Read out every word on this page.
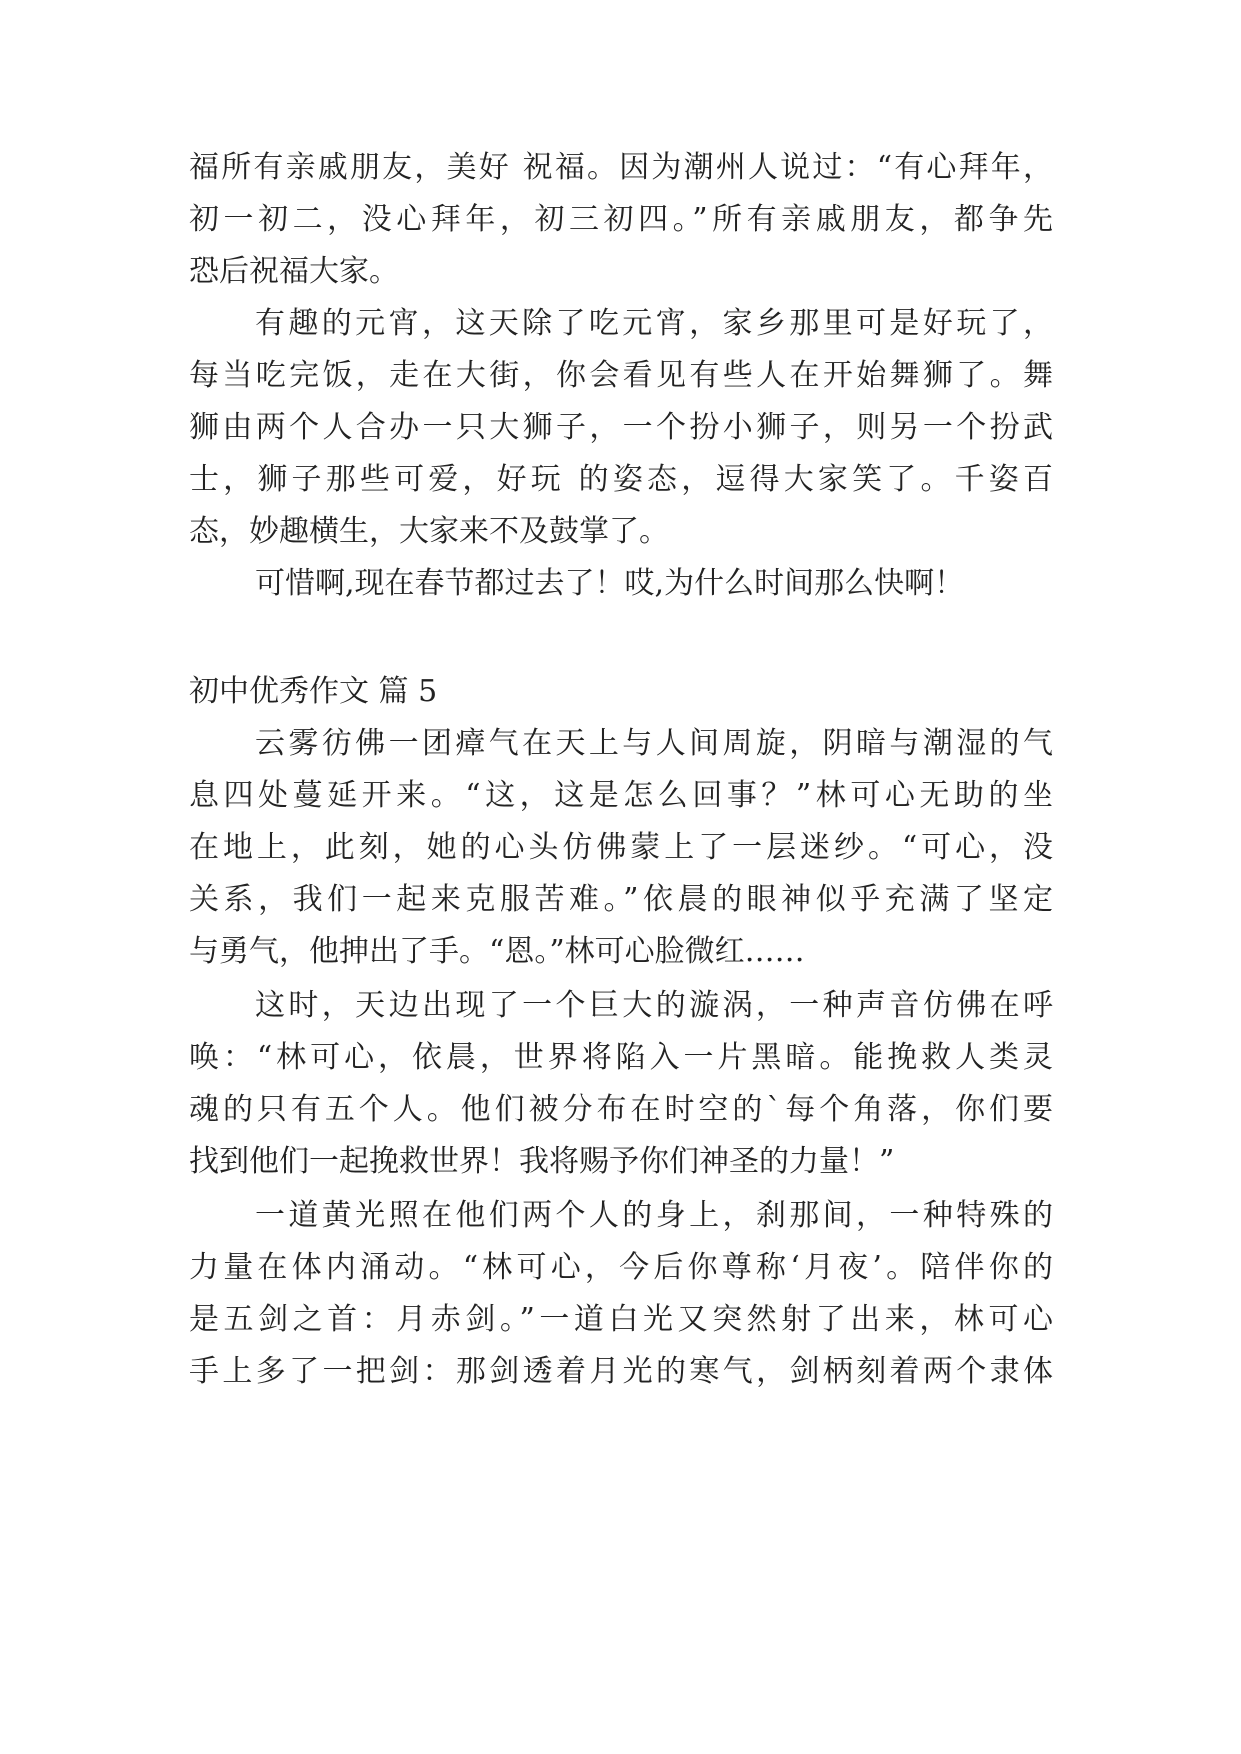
福所有亲戚朋友，美好 祝福。因为潮州人说过：“有心拜年，
初一初二，没心拜年，初三初四。”所有亲戚朋友，都争先
恐后祝福大家。
有趣的元宵，这天除了吃元宵，家乡那里可是好玩了，
每当吃完饭，走在大街，你会看见有些人在开始舞狮了。舞
狮由两个人合办一只大狮子，一个扮小狮子，则另一个扮武
士，狮子那些可爱，好玩 的姿态，逗得大家笑了。千姿百
态，妙趣横生，大家来不及鼓掌了。
可惜啊,现在春节都过去了！哎,为什么时间那么快啊！
初中优秀作文 篇 5
云雾彷佛一团瘴气在天上与人间周旋，阴暗与潮湿的气
息四处蔓延开来。“这，这是怎么回事？”林可心无助的坐
在地上，此刻，她的心头仿佛蒙上了一层迷纱。“可心，没
关系，我们一起来克服苦难。”依晨的眼神似乎充满了坚定
与勇气，他抻出了手。“恩。”林可心脸微红……
这时，天边出现了一个巨大的漩涡，一种声音仿佛在呼
唤：“林可心，依晨，世界将陷入一片黑暗。能挽救人类灵
魂的只有五个人。他们被分布在时空的`每个角落，你们要
找到他们一起挽救世界！我将赐予你们神圣的力量！”
一道黄光照在他们两个人的身上，刹那间，一种特殊的
力量在体内涌动。“林可心，今后你尊称‘月夜’。陪伴你的
是五剑之首：月赤剑。”一道白光又突然射了出来，林可心
手上多了一把剑：那剑透着月光的寒气，剑柄刻着两个隶体
